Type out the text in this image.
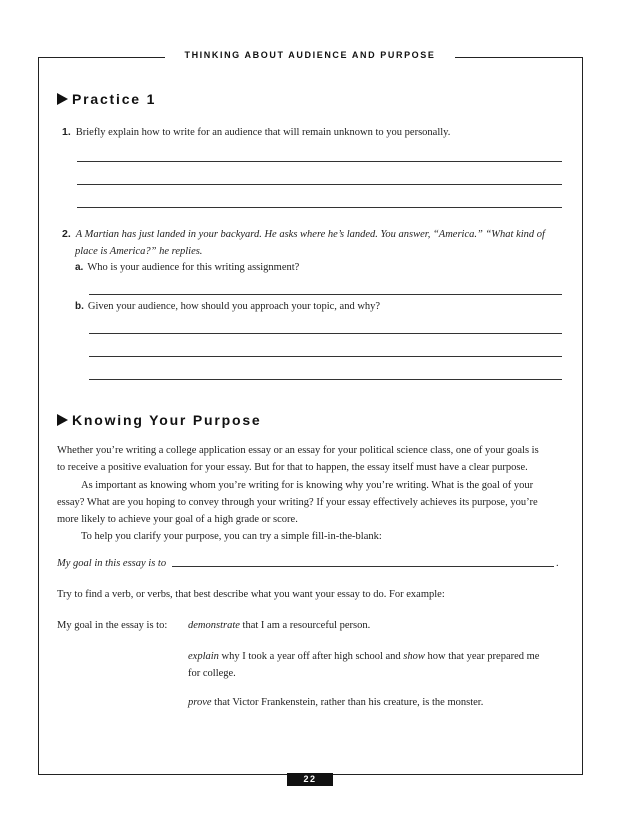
THINKING ABOUT AUDIENCE AND PURPOSE
Practice 1
1. Briefly explain how to write for an audience that will remain unknown to you personally.
2. A Martian has just landed in your backyard. He asks where he’s landed. You answer, “America.” “What kind of
place is America?” he replies.
a. Who is your audience for this writing assignment?
b. Given your audience, how should you approach your topic, and why?
Knowing Your Purpose

Whether you’re writing a college application essay or an essay for your political science class, one of your goals is

to receive a positive evaluation for your essay. But for that to happen, the essay itself must have a clear purpose.

As important as knowing whom you’re writing for is knowing why you’re writing. What is the goal of your

essay? What are you hoping to convey through your writing? If your essay effectively achieves its purpose, you’re

more likely to achieve your goal of a high grade or score.

To help you clarify your purpose, you can try a simple fill-in-the-blank:

My goal in this essay is to	.
Try to find a verb, or verbs, that best describe what you want your essay to do. For example:
My goal in the essay is to: demonstrate that I am a resourceful person.
explain why I took a year off after high school and show how that year prepared me
for college.
prove that Victor Frankenstein, rather than his creature, is the monster.
22
